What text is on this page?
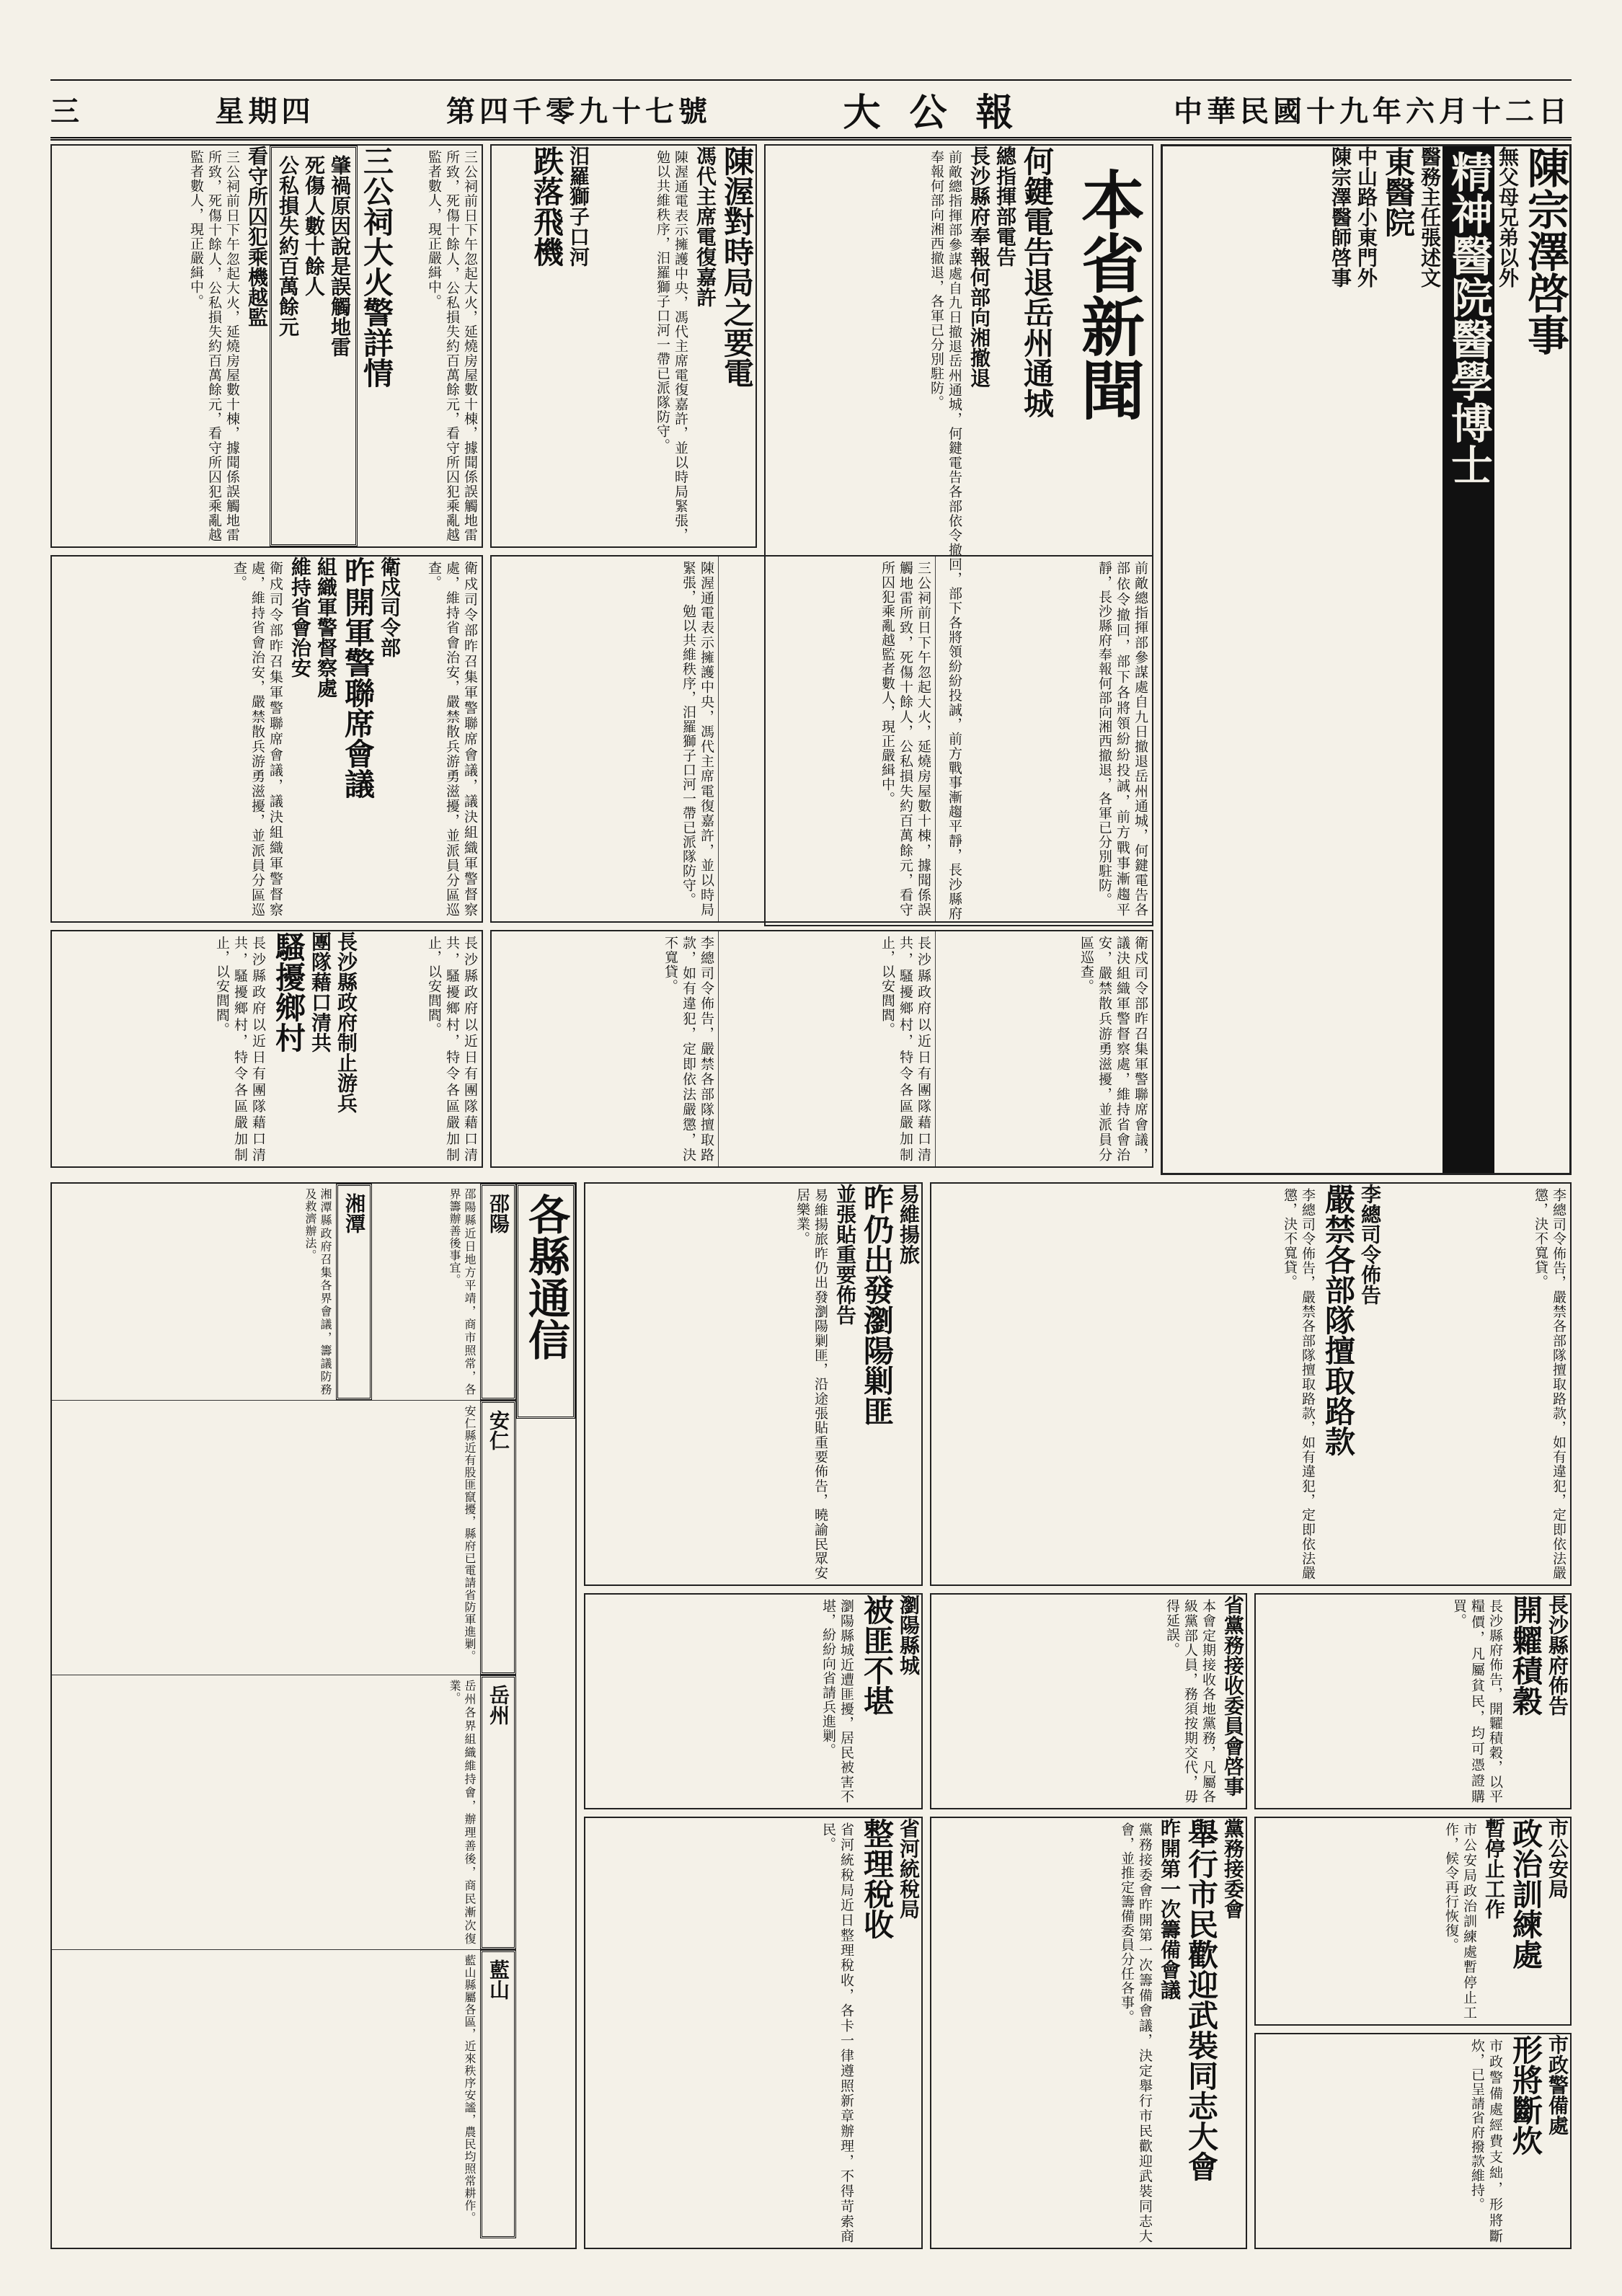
三	星期四	第四千零九十七號	大公報	中華民國十九年六月十二日
本省新聞
何鍵電告退岳州通城
總指揮部電告
長沙縣府奉報何部向湘撤退
前敵總指揮部參謀處自九日撤退岳州通城，何鍵電告各部依令撤回，部下各將領紛紛投誠，前方戰事漸趨平靜，長沙縣府奉報何部向湘西撤退，各軍已分別駐防。
陳渥對時局之要電
馮代主席電復嘉許
陳渥通電表示擁護中央，馮代主席電復嘉許，並以時局緊張，勉以共維秩序，汨羅獅子口河一帶已派隊防守。
汨羅獅子口河
跌落飛機	陳宗澤啓事
無父母兄弟以外
精神醫院醫學博士
醫務主任張述文
東醫院
中山路小東門外
陳宗澤醫師啓事
三公祠前日下午忽起大火，延燒房屋數十棟，據聞係誤觸地雷所致，死傷十餘人，公私損失約百萬餘元，看守所囚犯乘亂越監者數人，現正嚴緝中。
三公祠大火警詳情
肇禍原因說是誤觸地雷
死傷人數十餘人
公私損失約百萬餘元
看守所囚犯乘機越監
三公祠前日下午忽起大火，延燒房屋數十棟，據聞係誤觸地雷所致，死傷十餘人，公私損失約百萬餘元，看守所囚犯乘亂越監者數人，現正嚴緝中。
衛戍司令部昨召集軍警聯席會議，議決組織軍警督察處，維持省會治安，嚴禁散兵游勇滋擾，並派員分區巡查。
衛戍司令部
昨開軍警聯席會議
組織軍警督察處
維持省會治安
衛戍司令部昨召集軍警聯席會議，議決組織軍警督察處，維持省會治安，嚴禁散兵游勇滋擾，並派員分區巡查。	前敵總指揮部參謀處自九日撤退岳州通城，何鍵電告各部依令撤回，部下各將領紛紛投誠，前方戰事漸趨平靜，長沙縣府奉報何部向湘西撤退，各軍已分別駐防。
三公祠前日下午忽起大火，延燒房屋數十棟，據聞係誤觸地雷所致，死傷十餘人，公私損失約百萬餘元，看守所囚犯乘亂越監者數人，現正嚴緝中。
陳渥通電表示擁護中央，馮代主席電復嘉許，並以時局緊張，勉以共維秩序，汨羅獅子口河一帶已派隊防守。
長沙縣政府以近日有團隊藉口清共，騷擾鄉村，特令各區嚴加制止，以安閭閻。
長沙縣政府制止游兵
團隊藉口清共
騷擾鄉村
長沙縣政府以近日有團隊藉口清共，騷擾鄉村，特令各區嚴加制止，以安閭閻。	衛戍司令部昨召集軍警聯席會議，議決組織軍警督察處，維持省會治安，嚴禁散兵游勇滋擾，並派員分區巡查。
長沙縣政府以近日有團隊藉口清共，騷擾鄉村，特令各區嚴加制止，以安閭閻。
李總司令佈告，嚴禁各部隊擅取路款，如有違犯，定即依法嚴懲，決不寬貸。
李總司令佈告，嚴禁各部隊擅取路款，如有違犯，定即依法嚴懲，決不寬貸。
李總司令佈告
嚴禁各部隊擅取路款
李總司令佈告，嚴禁各部隊擅取路款，如有違犯，定即依法嚴懲，決不寬貸。
易維揚旅
昨仍出發瀏陽剿匪
並張貼重要佈告
易維揚旅昨仍出發瀏陽剿匪，沿途張貼重要佈告，曉諭民眾安居樂業。
各縣通信
邵陽
邵陽縣近日地方平靖，商市照常，各界籌辦善後事宜。
湘潭
湘潭縣政府召集各界會議，籌議防務及救濟辦法。
安仁
安仁縣近有股匪竄擾，縣府已電請省防軍進剿。
岳州
岳州各界組織維持會，辦理善後，商民漸次復業。
藍山
藍山縣屬各區，近來秩序安謐，農民均照常耕作。
瀏陽縣城
被匪不堪
瀏陽縣城近遭匪擾，居民被害不堪，紛紛向省請兵進剿。
省河統稅局
整理稅收
省河統稅局近日整理稅收，各卡一律遵照新章辦理，不得苛索商民。
省黨務接收委員會啓事
本會定期接收各地黨務，凡屬各級黨部人員，務須按期交代，毋得延誤。	長沙縣府佈告
開糶積穀
長沙縣府佈告，開糶積穀，以平糧價，凡屬貧民，均可憑證購買。
黨務接委會
舉行市民歡迎武裝同志大會
昨開第一次籌備會議
黨務接委會昨開第一次籌備會議，決定舉行市民歡迎武裝同志大會，並推定籌備委員分任各事。	市公安局
政治訓練處
暫停止工作
市公安局政治訓練處暫停止工作，候令再行恢復。
市政警備處
形將斷炊
市政警備處經費支絀，形將斷炊，已呈請省府撥款維持。
